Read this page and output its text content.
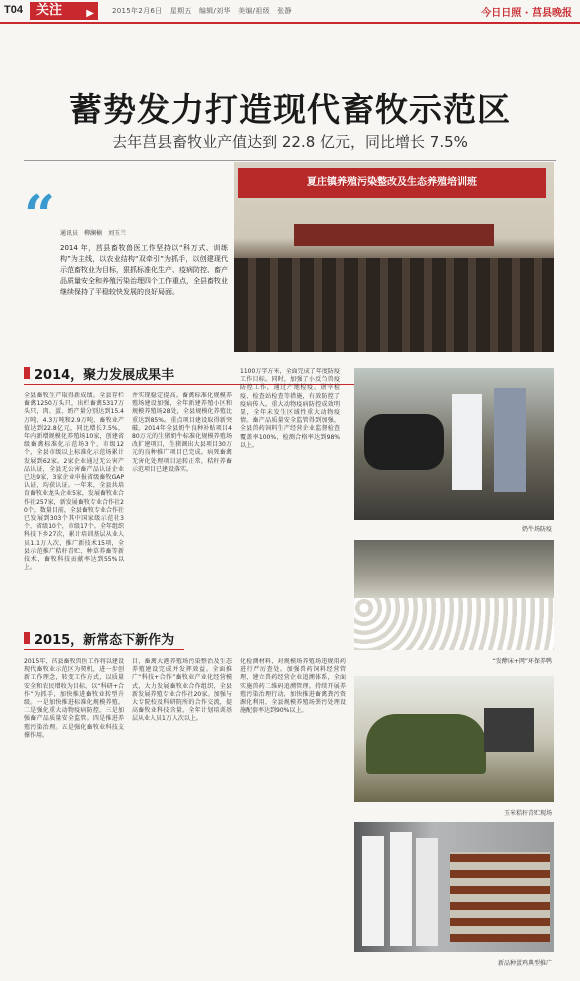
T04	关注 ▶	2015年2月6日　星期五　编辑/刘华　美编/祖级　张静	今日日照 · 莒县晚报
蓄势发力打造现代畜牧示范区
去年莒县畜牧业产值达到 22.8 亿元，同比增长 7.5%
“ 通讯员　柳澜楠　刘玉兰
2014 年，莒县畜牧兽医工作坚持以“科万式、训练构”为主线，以农业结构“双牵引”为抓手，以创建现代示范畜牧业为目标，狠抓标准化生产、疫病防控、畜产品质量安全和养殖污染治理四个工作重点，全县畜牧业继续保持了平稳较快发展的良好局面。
夏庄镇养殖污染整改及生态养殖培训班
2014，聚力发展成果丰
全县畜牧生产取得新成绩。全县存栏畜禽1250万头只，出栏畜禽5317万头只，肉、蛋、奶产量分别达到15.4万吨、4.3万吨和2.9万吨，畜牧业产值达到22.8亿元，同比增长7.5%，年内新增规模化养殖场10家，创建省级畜禽标准化示范场3个、市级12个，全县市级以上标准化示范场累计发展到62家。2家企业通过无公害产品认证，全县无公害畜产品认证企业已达9家，3家企业申报省级畜牧GAP认证，均获认证。一年来，全县共培育畜牧业龙头企业5家，发展畜牧业合作社257家，新发展畜牧专业合作社20个，数量目前，全县畜牧专业合作社已发展到303个其中国家级示范社3个，省级10个，市级17个。全年组织科技下乡27次，累计培训基层从业人员1.1万人次，推广新技术15项，全县示范推广秸秆青贮、种草养畜等新技术，畜牧科技贡献率达到55%以上。
并实现稳定提高。畜禽标准化规模养殖场建设加强，全年新建养殖小区和规模养殖场28处，全县规模化养殖比重达到85%。重点项目建设取得新突破。2014年全县奶牛良种补贴项目480万元的生猪奶牛标准化规模养殖场改扩建项目，生猪调出大县项目30万元的良种推广项目已完成。病死畜禽无害化处理项目运转正常，秸秆养畜示范项目已建设落实。
1100万字方米，全面完成了年度防疫工作目标。同时，加强了小反刍兽疫防控工作，通过产地检疫、屠宰检疫、检查站检查等措施，有效防控了疫病传入。重大动物疫病防控成效明显，全年未发生区域性重大动物疫情。畜产品质量安全监管得到加强，全县兽药饲料生产经营企业监督检查覆盖率100%，检测合格率达到98%以上。
奶牛场防疫
“发酵床+网”环保养鸭
2015，新常态下新作为
2015年，莒县畜牧兽医工作将以建设现代畜牧业示范区为契机，进一步创新工作理念，转变工作方式，以质量安全和农民增收为目标，以“科研+合作”为抓手，加快推进畜牧业转型升级。一是加快推进标准化规模养殖。二是强化重大动物疫病防控。三是加强畜产品质量安全监管。四是推进养殖污染治理。五是强化畜牧业科技支撑作用。
目，畜禽大港养殖场污染整治及生态养殖建设完成并发挥效益。全面推广“科技+合作”畜牧业产业化经营模式，大力发展畜牧业合作组织，全县新发展养殖专业合作社20家。加强与大专院校及科研院所的合作交流，提高畜牧业科技含量。全年计划培训基层从业人员1万人次以上。
化检测材料，对规模场养殖场违规用药进行严厉查处。加强兽药饲料经营管理，建立兽药经营企业追溯体系，全面实施兽药二维码追溯管理。持续开展养殖污染治理行动，加快推进畜禽粪污资源化利用，全县规模养殖场粪污处理设施配套率达到90%以上。
玉米秸秆青贮现场
新品种蛋鸡典型推广
